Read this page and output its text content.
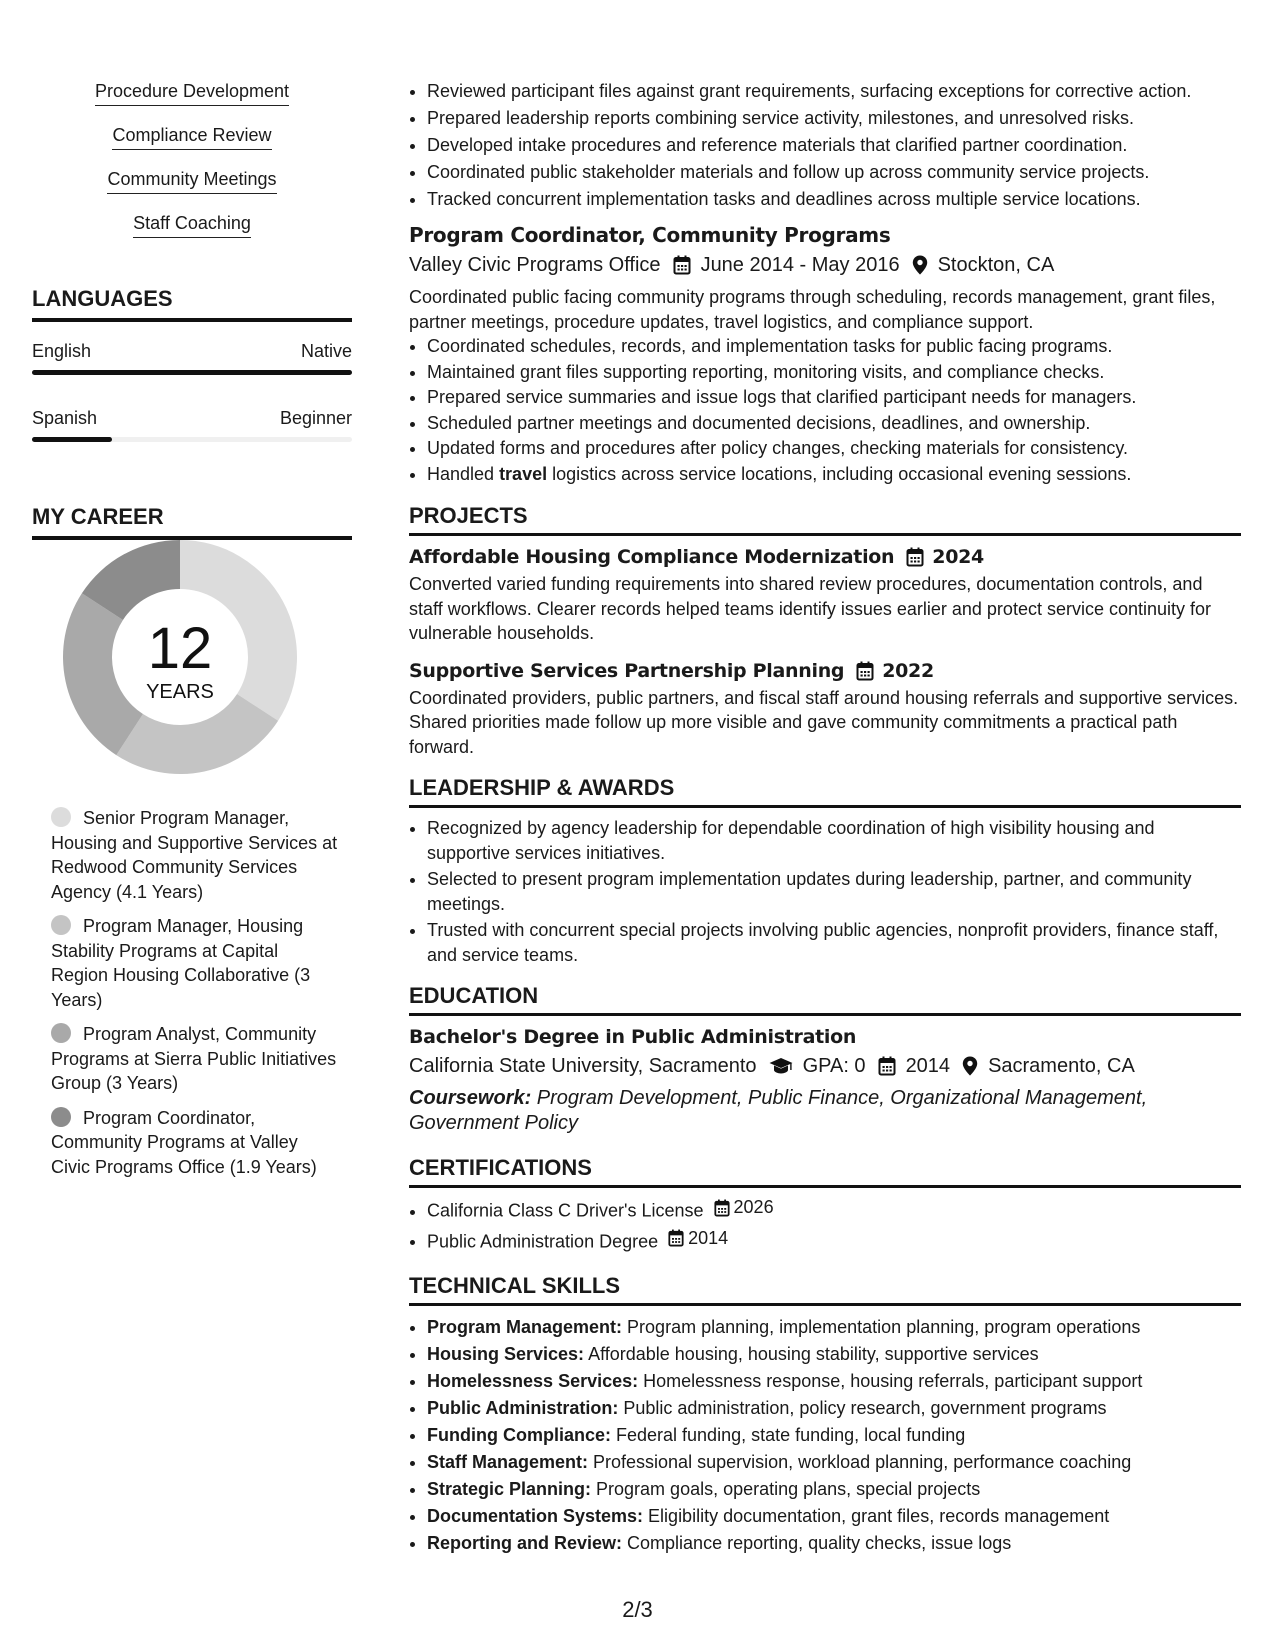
Procedure Development
Compliance Review
Community Meetings
Staff Coaching
LANGUAGES
English	Native
Spanish	Beginner
MY CAREER
12
YEARS
Senior Program Manager, Housing and Supportive Services at Redwood Community Services Agency (4.1 Years)
Program Manager, Housing Stability Programs at Capital Region Housing Collaborative (3 Years)
Program Analyst, Community Programs at Sierra Public Initiatives Group (3 Years)
Program Coordinator, Community Programs at Valley Civic Programs Office (1.9 Years)
• Reviewed participant files against grant requirements, surfacing exceptions for corrective action.
• Prepared leadership reports combining service activity, milestones, and unresolved risks.
• Developed intake procedures and reference materials that clarified partner coordination.
• Coordinated public stakeholder materials and follow up across community service projects.
• Tracked concurrent implementation tasks and deadlines across multiple service locations.
Program Coordinator, Community Programs
Valley Civic Programs Office June 2014 - May 2016 Stockton, CA
Coordinated public facing community programs through scheduling, records management, grant files, partner meetings, procedure updates, travel logistics, and compliance support.
• Coordinated schedules, records, and implementation tasks for public facing programs.
• Maintained grant files supporting reporting, monitoring visits, and compliance checks.
• Prepared service summaries and issue logs that clarified participant needs for managers.
• Scheduled partner meetings and documented decisions, deadlines, and ownership.
• Updated forms and procedures after policy changes, checking materials for consistency.
• Handled travel logistics across service locations, including occasional evening sessions.
PROJECTS
Affordable Housing Compliance Modernization 2024
Converted varied funding requirements into shared review procedures, documentation controls, and staff workflows. Clearer records helped teams identify issues earlier and protect service continuity for vulnerable households.
Supportive Services Partnership Planning 2022
Coordinated providers, public partners, and fiscal staff around housing referrals and supportive services. Shared priorities made follow up more visible and gave community commitments a practical path forward.
LEADERSHIP & AWARDS
• Recognized by agency leadership for dependable coordination of high visibility housing and supportive services initiatives.
• Selected to present program implementation updates during leadership, partner, and community meetings.
• Trusted with concurrent special projects involving public agencies, nonprofit providers, finance staff, and service teams.
EDUCATION
Bachelor's Degree in Public Administration
California State University, Sacramento GPA: 0 2014 Sacramento, CA
Coursework: Program Development, Public Finance, Organizational Management, Government Policy
CERTIFICATIONS
• California Class C Driver's License 2026
• Public Administration Degree 2014
TECHNICAL SKILLS
• Program Management: Program planning, implementation planning, program operations
• Housing Services: Affordable housing, housing stability, supportive services
• Homelessness Services: Homelessness response, housing referrals, participant support
• Public Administration: Public administration, policy research, government programs
• Funding Compliance: Federal funding, state funding, local funding
• Staff Management: Professional supervision, workload planning, performance coaching
• Strategic Planning: Program goals, operating plans, special projects
• Documentation Systems: Eligibility documentation, grant files, records management
• Reporting and Review: Compliance reporting, quality checks, issue logs
2/3
